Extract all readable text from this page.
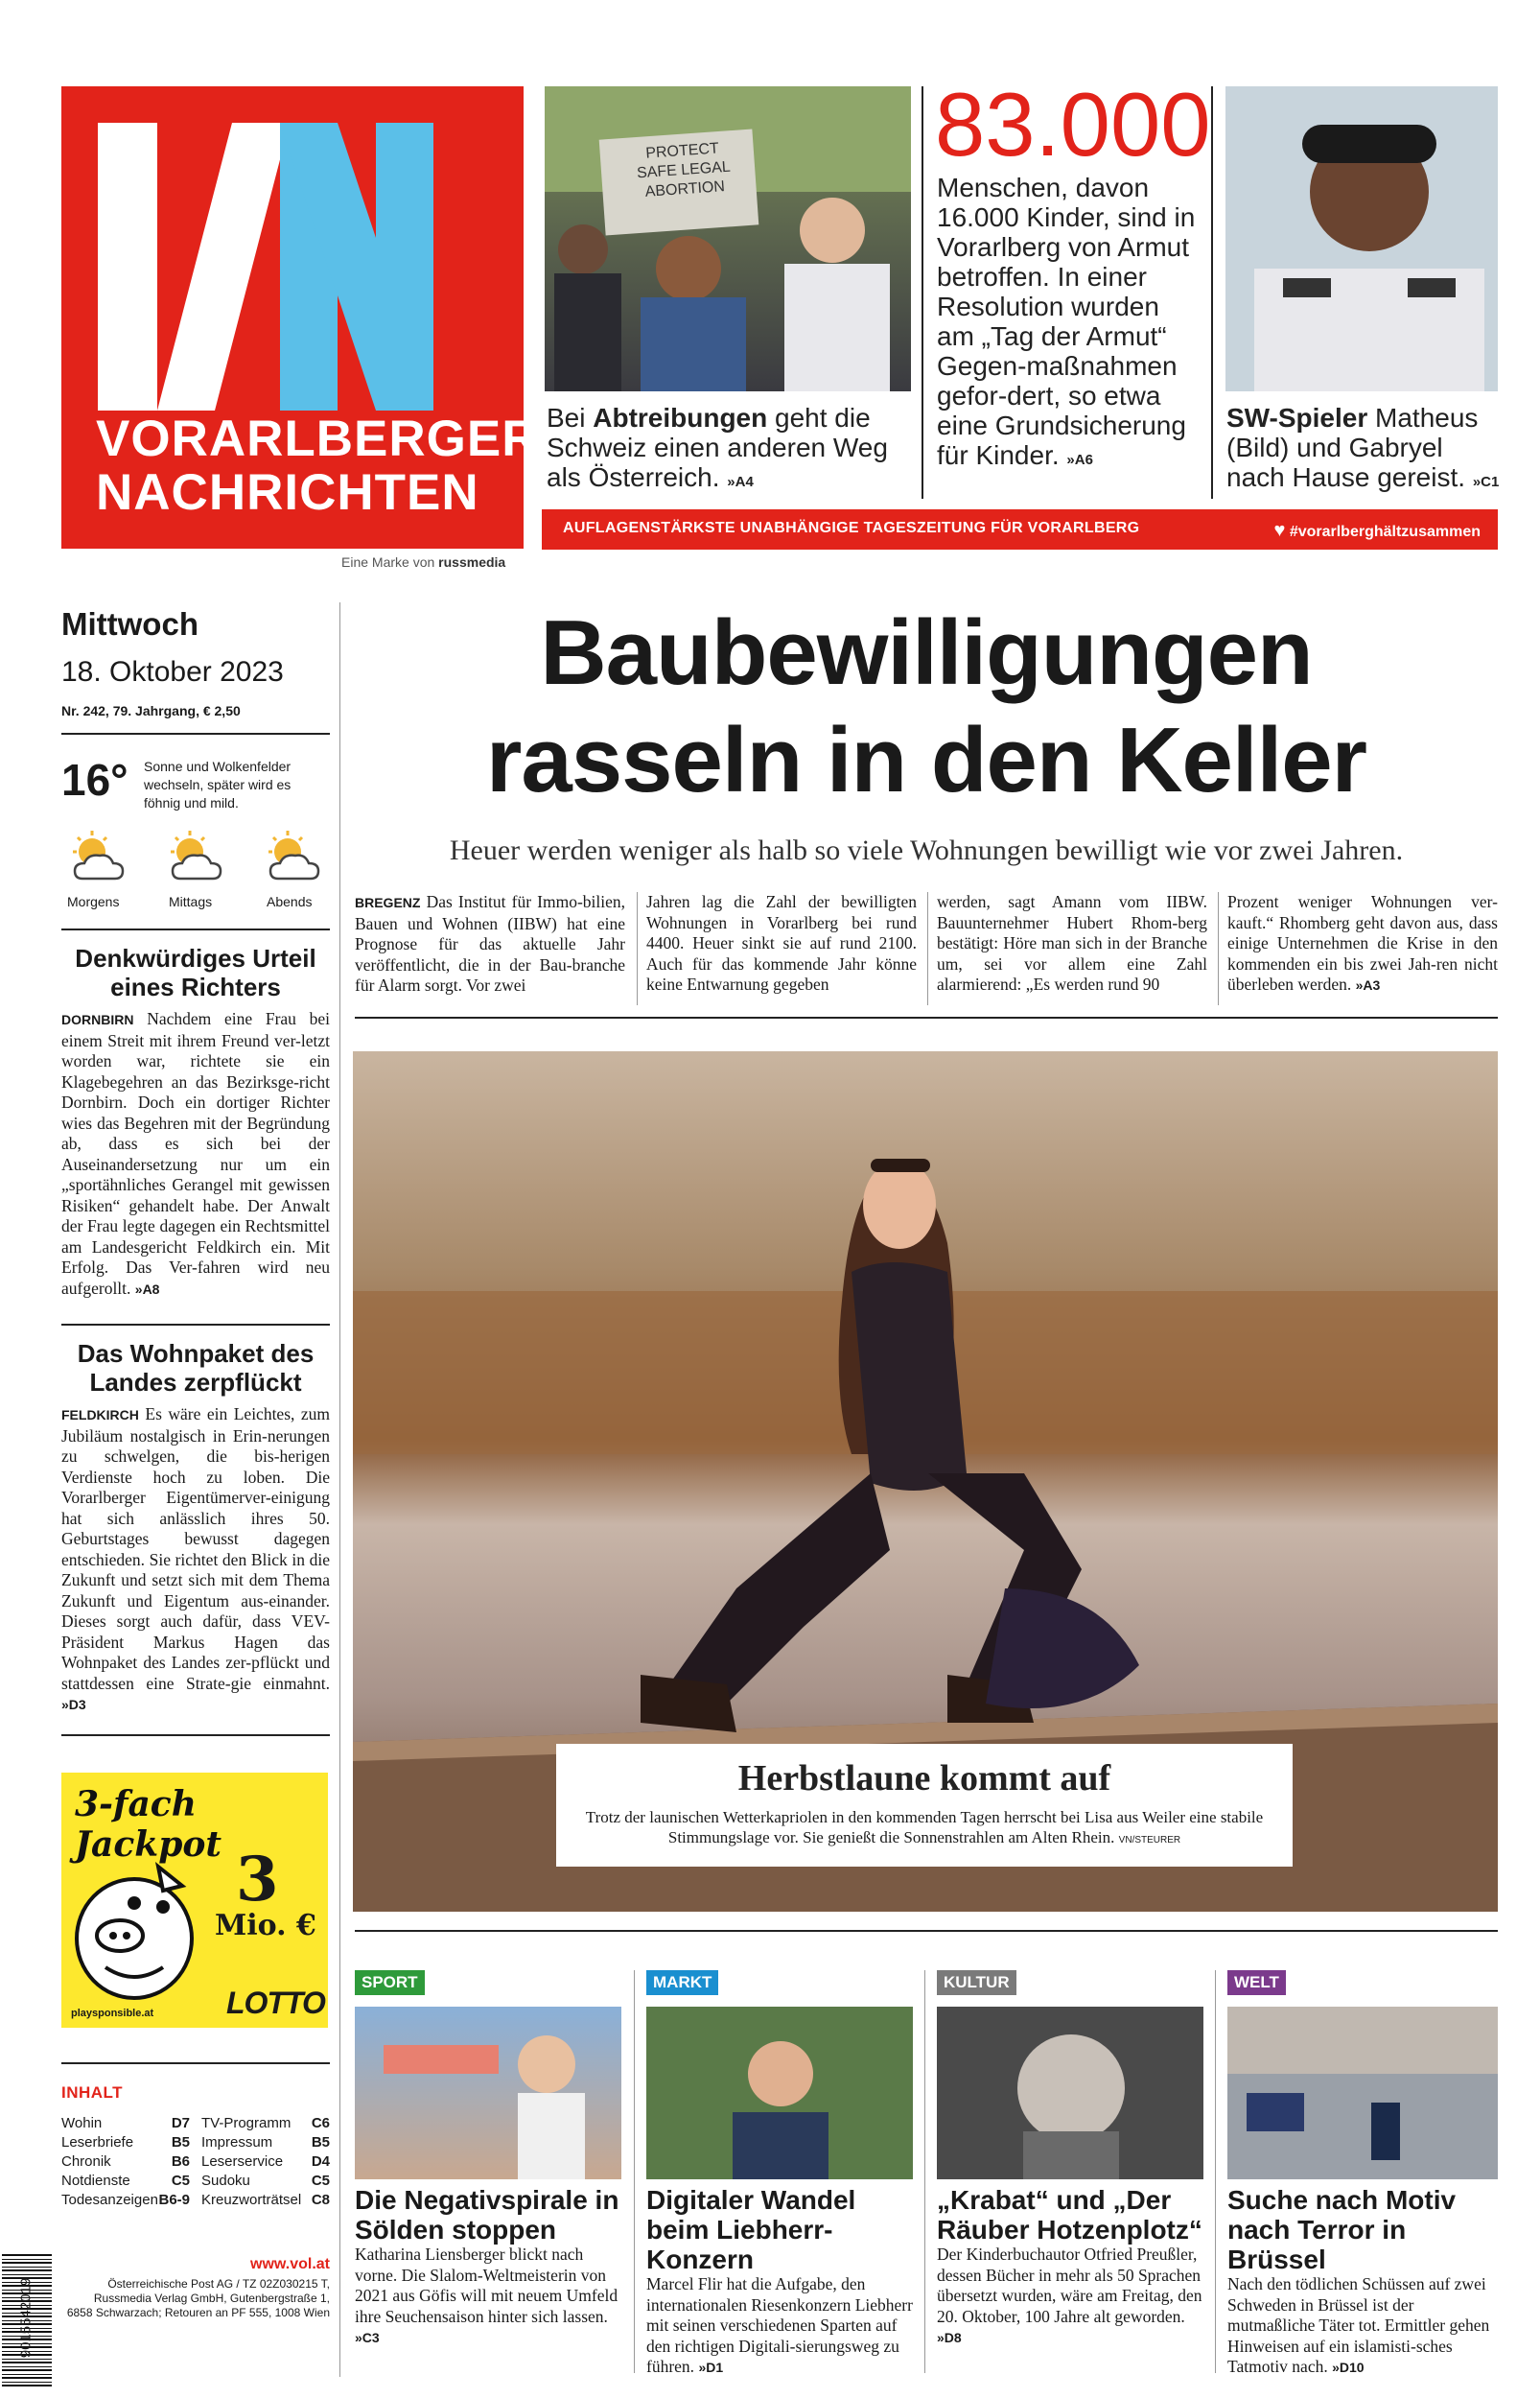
VORARLBERGER
NACHRICHTEN
Eine Marke von russmedia
PROTECT
SAFE LEGAL
ABORTION
Bei Abtreibungen geht die Schweiz einen anderen Weg als Österreich. »A4
83.000
Menschen, davon 16.000 Kinder, sind in Vorarlberg von Armut betroffen. In einer Resolution wurden am „Tag der Armut“ Gegen-maßnahmen gefor-dert, so etwa eine Grundsicherung für Kinder. »A6
SW-Spieler Matheus (Bild) und Gabryel nach Hause gereist. »C1
AUFLAGENSTÄRKSTE UNABHÄNGIGE TAGESZEITUNG FÜR VORARLBERG	♥ #vorarlberghältzusammen
Mittwoch
18. Oktober 2023
Nr. 242, 79. Jahrgang, € 2,50
16° Sonne und Wolkenfelder wechseln, später wird es föhnig und mild.
Morgens	Mittags	Abends
Denkwürdiges Urteil eines Richters
DORNBIRN Nachdem eine Frau bei einem Streit mit ihrem Freund ver-letzt worden war, richtete sie ein Klagebegehren an das Bezirksge-richt Dornbirn. Doch ein dortiger Richter wies das Begehren mit der Begründung ab, dass es sich bei der Auseinandersetzung nur um ein „sportähnliches Gerangel mit gewissen Risiken“ gehandelt habe. Der Anwalt der Frau legte dagegen ein Rechtsmittel am Landesgericht Feldkirch ein. Mit Erfolg. Das Ver-fahren wird neu aufgerollt. »A8
Das Wohnpaket des Landes zerpflückt
FELDKIRCH Es wäre ein Leichtes, zum Jubiläum nostalgisch in Erin-nerungen zu schwelgen, die bis-herigen Verdienste hoch zu loben. Die Vorarlberger Eigentümerver-einigung hat sich anlässlich ihres 50. Geburtstages bewusst dagegen entschieden. Sie richtet den Blick in die Zukunft und setzt sich mit dem Thema Zukunft und Eigentum aus-einander. Dieses sorgt auch dafür, dass VEV-Präsident Markus Hagen das Wohnpaket des Landes zer-pflückt und stattdessen eine Strate-gie einmahnt. »D3
3-fach Jackpot 3
Mio. €
playsponsible.at LOTTO
INHALT
Wohin	D7
Leserbriefe	B5
Chronik	B6
Notdienste	C5
Todesanzeigen	B6-9
TV-Programm	C6
Impressum	B5
Leserservice	D4
Sudoku	C5
Kreuzworträtsel	C8
9015542019
www.vol.at
Österreichische Post AG / TZ 02Z030215 T,
Russmedia Verlag GmbH, Gutenbergstraße 1,
6858 Schwarzach; Retouren an PF 555, 1008 Wien
Baubewilligungen
rasseln in den Keller
Heuer werden weniger als halb so viele Wohnungen bewilligt wie vor zwei Jahren.
BREGENZ Das Institut für Immo-bilien, Bauen und Wohnen (IIBW) hat eine Prognose für das aktuelle Jahr veröffentlicht, die in der Bau-branche für Alarm sorgt. Vor zwei
Jahren lag die Zahl der bewilligten Wohnungen in Vorarlberg bei rund 4400. Heuer sinkt sie auf rund 2100. Auch für das kommende Jahr könne keine Entwarnung gegeben
werden, sagt Amann vom IIBW. Bauunternehmer Hubert Rhom-berg bestätigt: Höre man sich in der Branche um, sei vor allem eine Zahl alarmierend: „Es werden rund 90
Prozent weniger Wohnungen ver-kauft.“ Rhomberg geht davon aus, dass einige Unternehmen die Krise in den kommenden ein bis zwei Jah-ren nicht überleben werden. »A3
Herbstlaune kommt auf
Trotz der launischen Wetterkapriolen in den kommenden Tagen herrscht bei Lisa aus Weiler eine stabile Stimmungslage vor. Sie genießt die Sonnenstrahlen am Alten Rhein. VN/STEURER
SPORT
Die Negativspirale in Sölden stoppen
Katharina Liensberger blickt nach vorne. Die Slalom-Weltmeisterin von 2021 aus Göfis will mit neuem Umfeld ihre Seuchensaison hinter sich lassen. »C3
MARKT
Digitaler Wandel beim Liebherr-Konzern
Marcel Flir hat die Aufgabe, den internationalen Riesenkonzern Liebherr mit seinen verschiedenen Sparten auf den richtigen Digitali-sierungsweg zu führen. »D1
KULTUR
„Krabat“ und „Der Räuber Hotzenplotz“
Der Kinderbuchautor Otfried Preußler, dessen Bücher in mehr als 50 Sprachen übersetzt wurden, wäre am Freitag, den 20. Oktober, 100 Jahre alt geworden. »D8
WELT
Suche nach Motiv nach Terror in Brüssel
Nach den tödlichen Schüssen auf zwei Schweden in Brüssel ist der mutmaßliche Täter tot. Ermittler gehen Hinweisen auf ein islamisti-sches Tatmotiv nach. »D10
